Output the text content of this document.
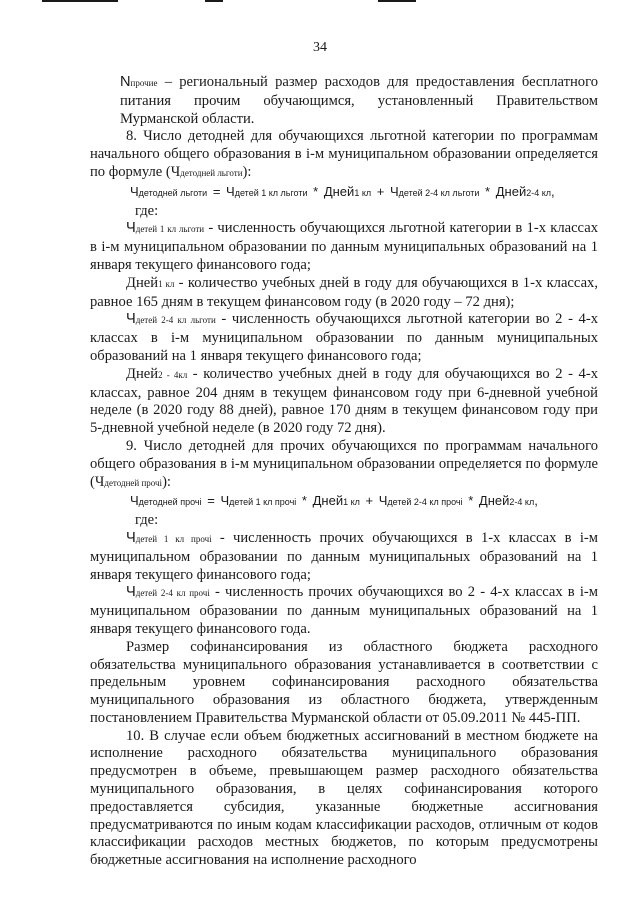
34

Nпрочие – региональный размер расходов для предоставления бесплатного питания прочим обучающимся, установленный Правительством Мурманской области.

8. Число детодней для обучающихся льготной категории по программам начального общего образования в i-м муниципальном образовании определяется по формуле (Чдетодней льготи):

Чдетодней льготи = Чдетей 1 кл льготи * Дней1 кл + Чдетей 2-4 кл льготи * Дней2-4 кл,

где:

Чдетей 1 кл льготи - численность обучающихся льготной категории в 1-х классах в i-м муниципальном образовании по данным муниципальных образований на 1 января текущего финансового года;

Дней1 кл - количество учебных дней в году для обучающихся в 1-х классах, равное 165 дням в текущем финансовом году (в 2020 году – 72 дня);

Чдетей 2-4 кл льготи - численность обучающихся льготной категории во 2 - 4-х классах в i-м муниципальном образовании по данным муниципальных образований на 1 января текущего финансового года;

Дней2 - 4кл - количество учебных дней в году для обучающихся во 2 - 4-х классах, равное 204 дням в текущем финансовом году при 6-дневной учебной неделе (в 2020 году 88 дней), равное 170 дням в текущем финансовом году при 5-дневной учебной неделе (в 2020 году 72 дня).

9. Число детодней для прочих обучающихся по программам начального общего образования в i-м муниципальном образовании определяется по формуле (Чдетодней прочі):

Чдетодней прочі = Чдетей 1 кл прочі * Дней1 кл + Чдетей 2-4 кл прочі * Дней2-4 кл,

где:

Чдетей 1 кл прочі - численность прочих обучающихся в 1-х классах в i-м муниципальном образовании по данным муниципальных образований на 1 января текущего финансового года;

Чдетей 2-4 кл прочі - численность прочих обучающихся во 2 - 4-х классах в i-м муниципальном образовании по данным муниципальных образований на 1 января текущего финансового года.

Размер софинансирования из областного бюджета расходного обязательства муниципального образования устанавливается в соответствии с предельным уровнем софинансирования расходного обязательства муниципального образования из областного бюджета, утвержденным постановлением Правительства Мурманской области от 05.09.2011 № 445-ПП.

10. В случае если объем бюджетных ассигнований в местном бюджете на исполнение расходного обязательства муниципального образования предусмотрен в объеме, превышающем размер расходного обязательства муниципального образования, в целях софинансирования которого предоставляется субсидия, указанные бюджетные ассигнования предусматриваются по иным кодам классификации расходов, отличным от кодов классификации расходов местных бюджетов, по которым предусмотрены бюджетные ассигнования на исполнение расходного
